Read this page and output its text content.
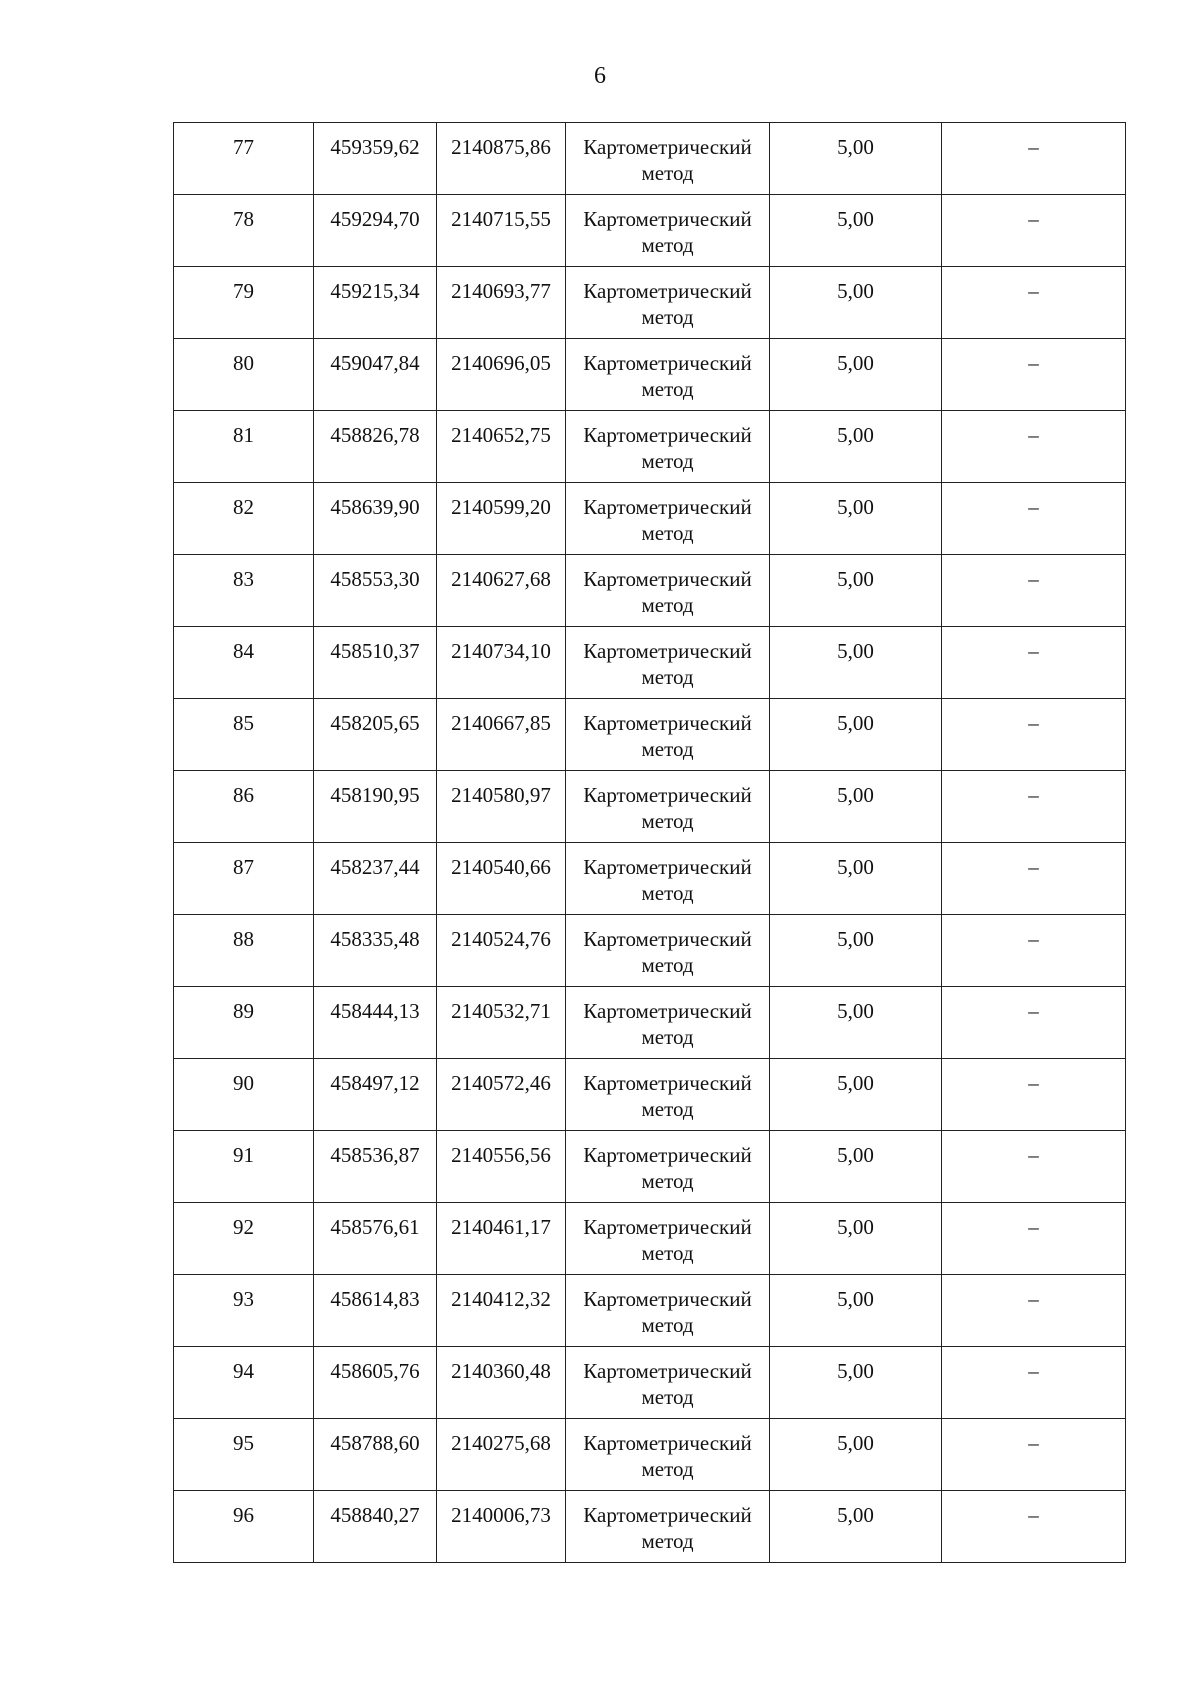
6
77	459359,62	2140875,86	Картометрический метод	5,00	–
78	459294,70	2140715,55	Картометрический метод	5,00	–
79	459215,34	2140693,77	Картометрический метод	5,00	–
80	459047,84	2140696,05	Картометрический метод	5,00	–
81	458826,78	2140652,75	Картометрический метод	5,00	–
82	458639,90	2140599,20	Картометрический метод	5,00	–
83	458553,30	2140627,68	Картометрический метод	5,00	–
84	458510,37	2140734,10	Картометрический метод	5,00	–
85	458205,65	2140667,85	Картометрический метод	5,00	–
86	458190,95	2140580,97	Картометрический метод	5,00	–
87	458237,44	2140540,66	Картометрический метод	5,00	–
88	458335,48	2140524,76	Картометрический метод	5,00	–
89	458444,13	2140532,71	Картометрический метод	5,00	–
90	458497,12	2140572,46	Картометрический метод	5,00	–
91	458536,87	2140556,56	Картометрический метод	5,00	–
92	458576,61	2140461,17	Картометрический метод	5,00	–
93	458614,83	2140412,32	Картометрический метод	5,00	–
94	458605,76	2140360,48	Картометрический метод	5,00	–
95	458788,60	2140275,68	Картометрический метод	5,00	–
96	458840,27	2140006,73	Картометрический метод	5,00	–
